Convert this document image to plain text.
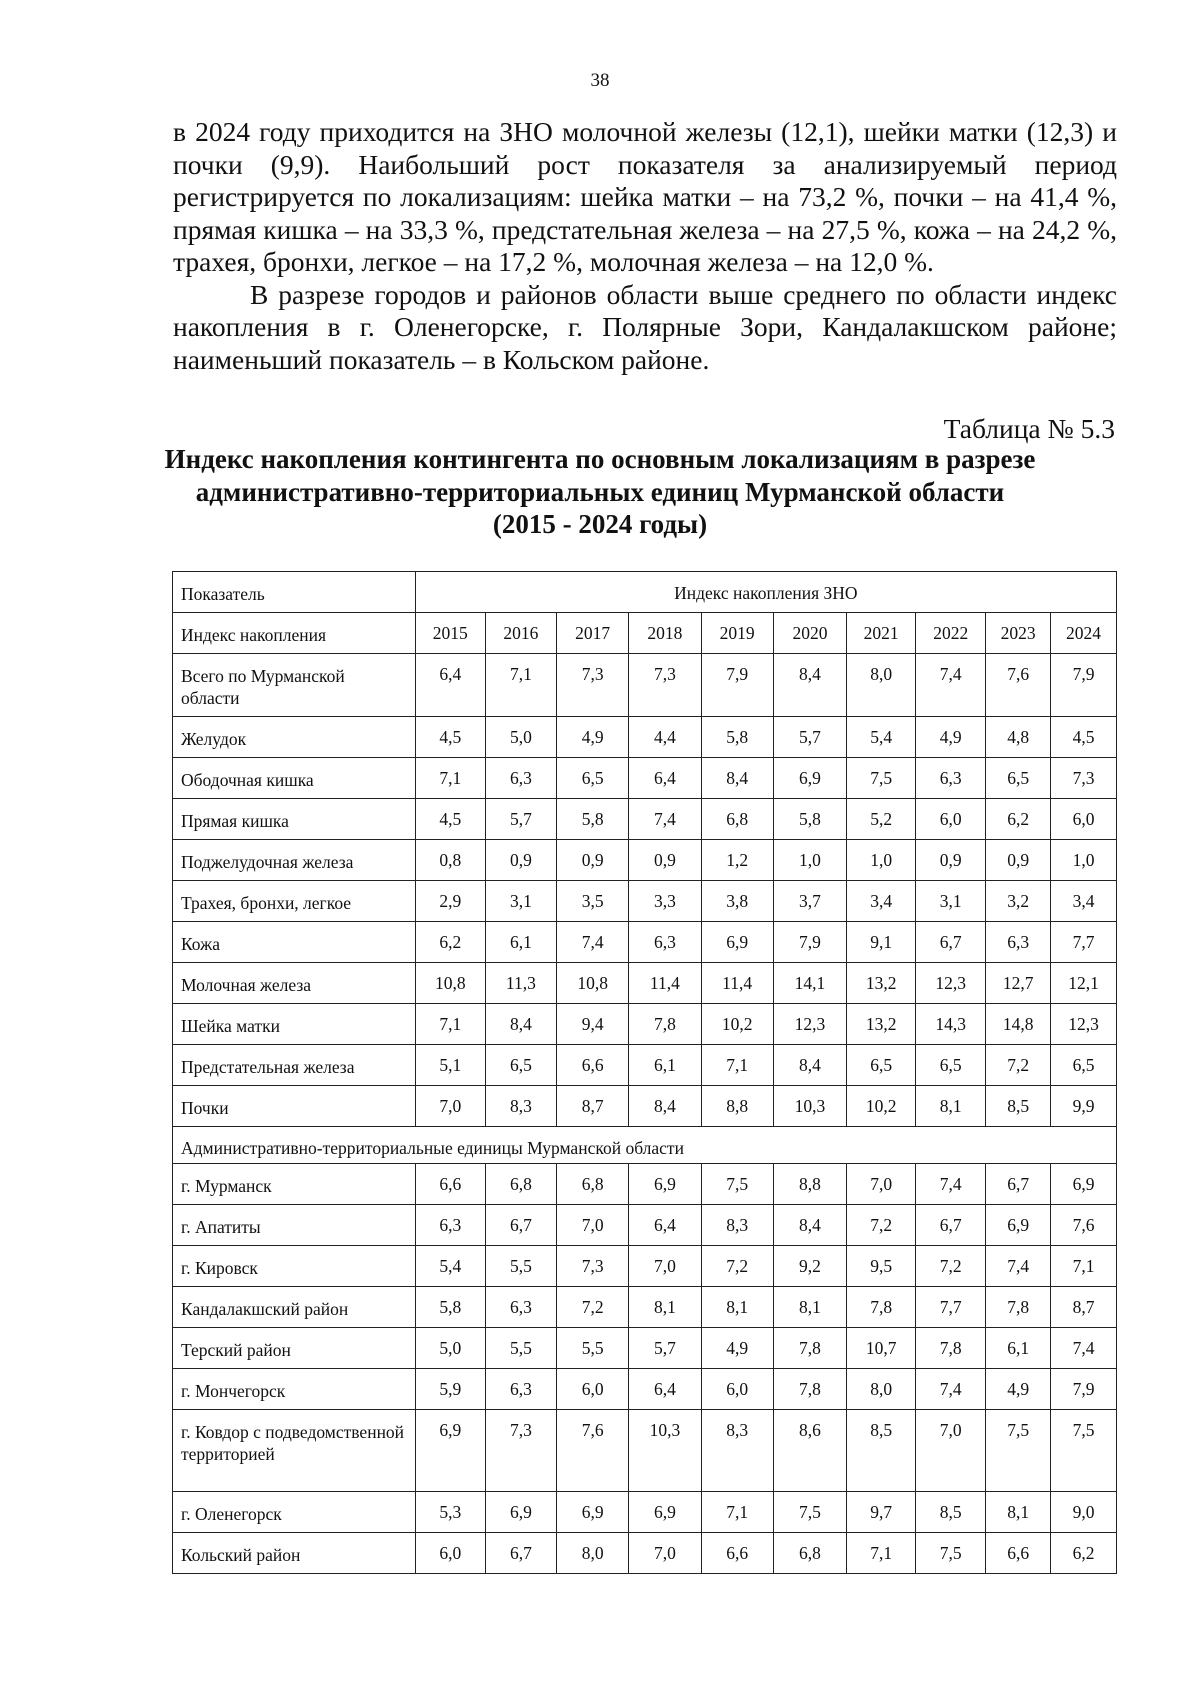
38

в 2024 году приходится на ЗНО молочной железы (12,1), шейки матки (12,3) и почки (9,9). Наибольший рост показателя за анализируемый период регистрируется по локализациям: шейка матки – на 73,2 %, почки – на 41,4 %, прямая кишка – на 33,3 %, предстательная железа – на 27,5 %, кожа – на 24,2 %, трахея, бронхи, легкое – на 17,2 %, молочная железа – на 12,0 %.

В разрезе городов и районов области выше среднего по области индекс накопления в г. Оленегорске, г. Полярные Зори, Кандалакшском районе; наименьший показатель – в Кольском районе.

Таблица № 5.3
Индекс накопления контингента по основным локализациям в разрезе
административно-территориальных единиц Мурманской области
(2015 - 2024 годы)
Показатель	Индекс накопления ЗНО									
Индекс накопления	2015	2016	2017	2018	2019	2020	2021	2022	2023	2024
Всего по Мурманской области	6,4	7,1	7,3	7,3	7,9	8,4	8,0	7,4	7,6	7,9
Желудок	4,5	5,0	4,9	4,4	5,8	5,7	5,4	4,9	4,8	4,5
Ободочная кишка	7,1	6,3	6,5	6,4	8,4	6,9	7,5	6,3	6,5	7,3
Прямая кишка	4,5	5,7	5,8	7,4	6,8	5,8	5,2	6,0	6,2	6,0
Поджелудочная железа	0,8	0,9	0,9	0,9	1,2	1,0	1,0	0,9	0,9	1,0
Трахея, бронхи, легкое	2,9	3,1	3,5	3,3	3,8	3,7	3,4	3,1	3,2	3,4
Кожа	6,2	6,1	7,4	6,3	6,9	7,9	9,1	6,7	6,3	7,7
Молочная железа	10,8	11,3	10,8	11,4	11,4	14,1	13,2	12,3	12,7	12,1
Шейка матки	7,1	8,4	9,4	7,8	10,2	12,3	13,2	14,3	14,8	12,3
Предстательная железа	5,1	6,5	6,6	6,1	7,1	8,4	6,5	6,5	7,2	6,5
Почки	7,0	8,3	8,7	8,4	8,8	10,3	10,2	8,1	8,5	9,9
Административно-территориальные единицы Мурманской области										
г. Мурманск	6,6	6,8	6,8	6,9	7,5	8,8	7,0	7,4	6,7	6,9
г. Апатиты	6,3	6,7	7,0	6,4	8,3	8,4	7,2	6,7	6,9	7,6
г. Кировск	5,4	5,5	7,3	7,0	7,2	9,2	9,5	7,2	7,4	7,1
Кандалакшский район	5,8	6,3	7,2	8,1	8,1	8,1	7,8	7,7	7,8	8,7
Терский район	5,0	5,5	5,5	5,7	4,9	7,8	10,7	7,8	6,1	7,4
г. Мончегорск	5,9	6,3	6,0	6,4	6,0	7,8	8,0	7,4	4,9	7,9
г. Ковдор с подведомственной территорией	6,9	7,3	7,6	10,3	8,3	8,6	8,5	7,0	7,5	7,5
г. Оленегорск	5,3	6,9	6,9	6,9	7,1	7,5	9,7	8,5	8,1	9,0
Кольский район	6,0	6,7	8,0	7,0	6,6	6,8	7,1	7,5	6,6	6,2
